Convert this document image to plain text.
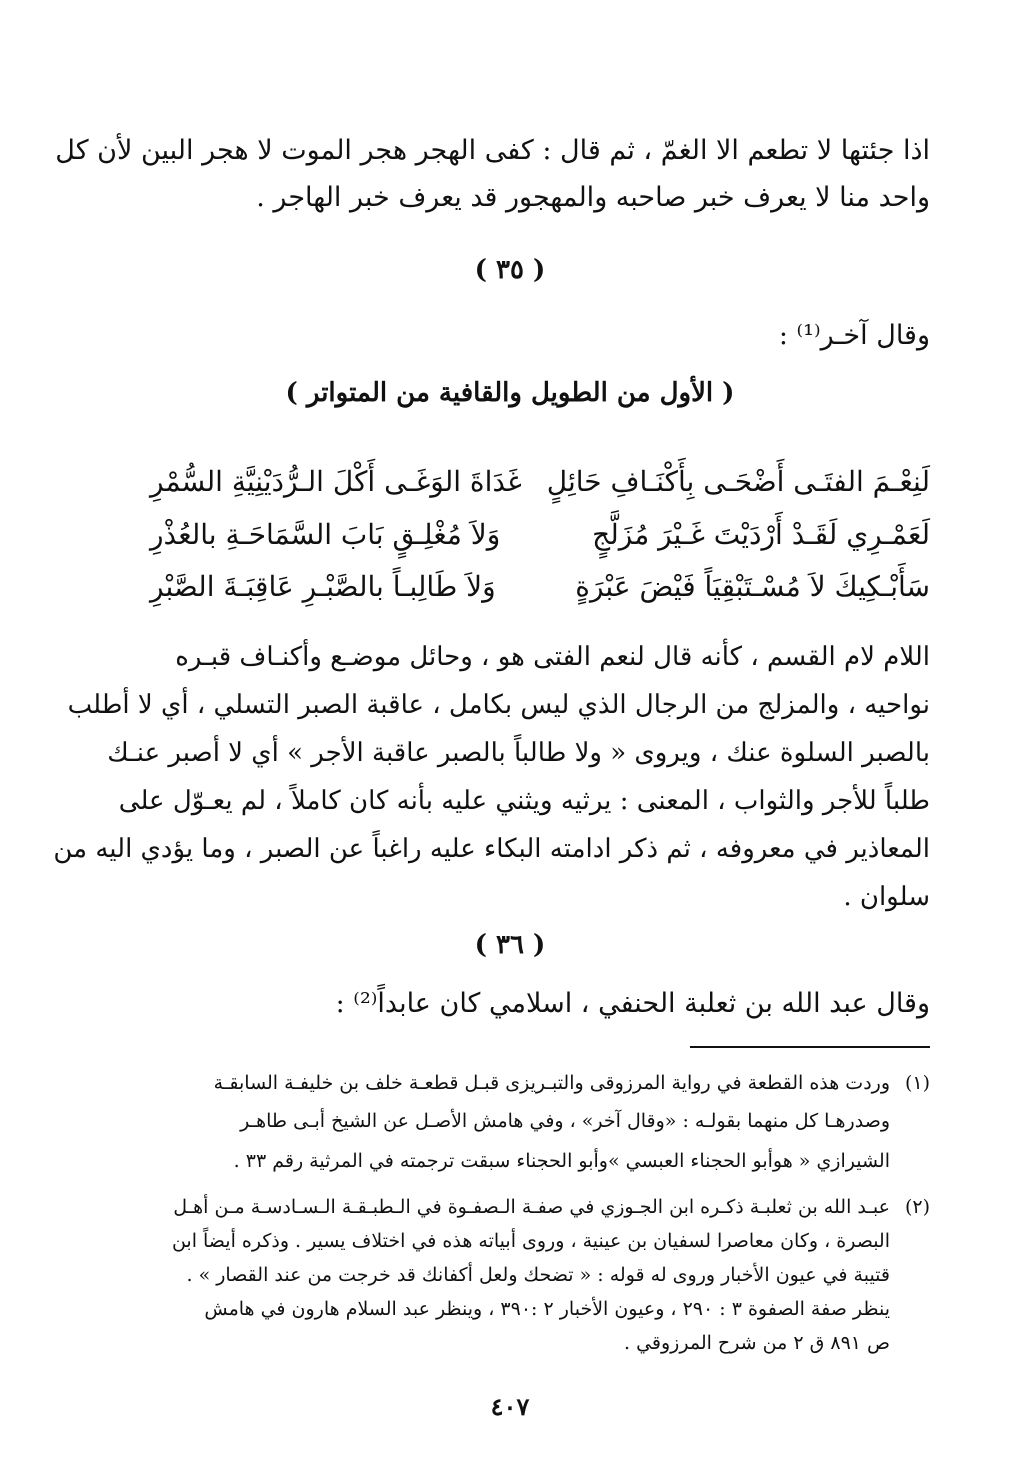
اذا جئتها لا تطعم الا الغمّ ، ثم قال : كفى الهجر هجر الموت لا هجر البين لأن كل
واحد منا لا يعرف خبر صاحبه والمهجور قد يعرف خبر الهاجر .
( ٣٥ )
وقال آخـر⁽¹⁾ :
( الأول من الطويل والقافية من المتواتر )
لَنِعْـمَ الفتَـى أَضْحَـى بِأَكْنَـافِ حَائِلٍ
غَدَاةَ الوَغَـى أَكْلَ الـرُّدَيْنِيَّةِ السُّمْرِ
لَعَمْـرِي لَقَـدْ أَرْدَيْتَ غَـيْرَ مُزَلَّجٍ
وَلاَ مُغْلِـقٍ بَابَ السَّمَاحَـةِ بالعُذْرِ
سَأَبْـكِيكَ لاَ مُسْـتَبْقِيَاً فَيْضَ عَبْرَةٍ
وَلاَ طَالِبـاً بالصَّبْـرِ عَاقِبَـةَ الصَّبْرِ
اللام لام القسم ، كأنه قال لنعم الفتى هو ، وحائل موضـع وأكنـاف قبـره
نواحيه ، والمزلج من الرجال الذي ليس بكامل ، عاقبة الصبر التسلي ، أي لا أطلب
بالصبر السلوة عنك ، ويروى « ولا طالباً بالصبر عاقبة الأجر » أي لا أصبر عنـك
طلباً للأجر والثواب ، المعنى : يرثيه ويثني عليه بأنه كان كاملاً ، لم يعـوّل على
المعاذير في معروفه ، ثم ذكر ادامته البكاء عليه راغباً عن الصبر ، وما يؤدي اليه من
سلوان .
( ٣٦ )
وقال عبد الله بن ثعلبة الحنفي ، اسلامي كان عابداً⁽²⁾ :
(١)
وردت هذه القطعة في رواية المرزوقى والتبـريزى قبـل قطعـة خلف بن خليفـة السابقـة
وصدرهـا كل منهما بقولـه : «وقال آخر» ، وفي هامش الأصـل عن الشيخ أبـى طاهـر
الشيرازي « هوأبو الحجناء العبسي »وأبو الحجناء سبقت ترجمته في المرثية رقم ٣٣ .
(٢)
عبـد الله بن ثعلبـة ذكـره ابن الجـوزي في صفـة الـصفـوة في الـطبـقـة الـسـادسـة مـن أهـل
البصرة ، وكان معاصرا لسفيان بن عينية ، وروى أبياته هذه في اختلاف يسير . وذكره أيضاً ابن
قتيبة في عيون الأخبار وروى له قوله : « تضحك ولعل أكفانك قد خرجت من عند القصار » .
ينظر صفة الصفوة ٣ : ٢٩٠ ، وعيون الأخبار ٢ :٣٩٠ ، وينظر عبد السلام هارون في هامش
ص ٨٩١ ق ٢ من شرح المرزوقي .
٤٠٧
